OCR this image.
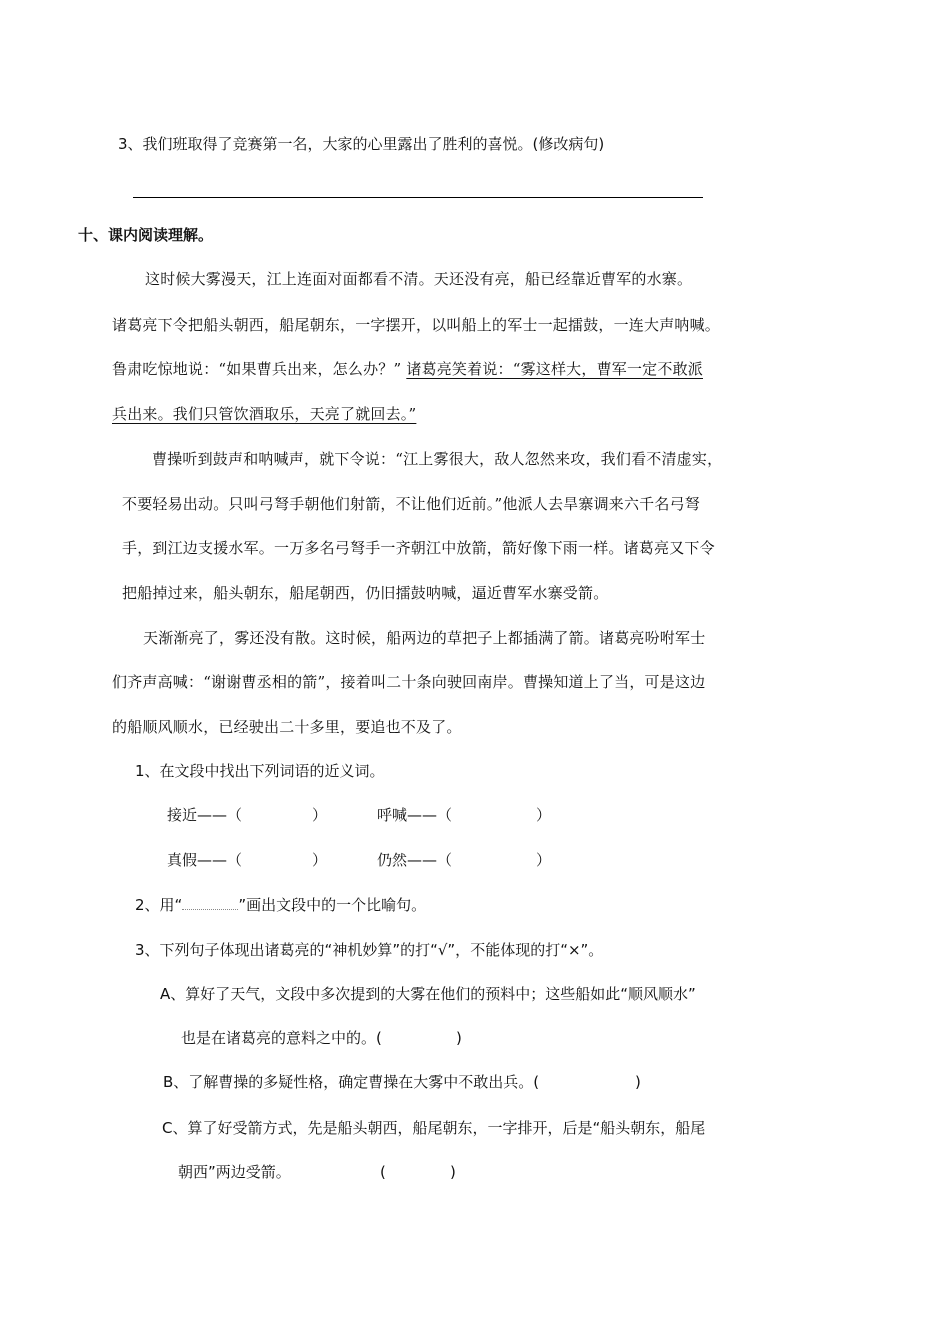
3、我们班取得了竞赛第一名，大家的心里露出了胜利的喜悦。(修改病句)
十、课内阅读理解。
这时候大雾漫天，江上连面对面都看不清。天还没有亮，船已经靠近曹军的水寨。
诸葛亮下令把船头朝西，船尾朝东，一字摆开，以叫船上的军士一起擂鼓，一连大声呐喊。
鲁肃吃惊地说：“如果曹兵出来，怎么办？” 诸葛亮笑着说：“雾这样大，曹军一定不敢派
兵出来。我们只管饮酒取乐，天亮了就回去。”
曹操听到鼓声和呐喊声，就下令说：“江上雾很大，敌人忽然来攻，我们看不清虚实，
不要轻易出动。只叫弓弩手朝他们射箭，不让他们近前。”他派人去旱寨调来六千名弓弩
手，到江边支援水军。一万多名弓弩手一齐朝江中放箭，箭好像下雨一样。诸葛亮又下令
把船掉过来，船头朝东，船尾朝西，仍旧擂鼓呐喊，逼近曹军水寨受箭。
天渐渐亮了，雾还没有散。这时候，船两边的草把子上都插满了箭。诸葛亮吩咐军士
们齐声高喊：“谢谢曹丞相的箭”，接着叫二十条向驶回南岸。曹操知道上了当，可是这边
的船顺风顺水，已经驶出二十多里，要追也不及了。
1、在文段中找出下列词语的近义词。
接近——（	）	呼喊——（	）
真假——（	）	仍然——（	）
2、用“	”画出文段中的一个比喻句。
3、下列句子体现出诸葛亮的“神机妙算”的打“√”，不能体现的打“×”。
A、算好了天气，文段中多次提到的大雾在他们的预料中；这些船如此“顺风顺水”
也是在诸葛亮的意料之中的。(	)
B、了解曹操的多疑性格，确定曹操在大雾中不敢出兵。(	)
C、算了好受箭方式，先是船头朝西，船尾朝东，一字排开，后是“船头朝东，船尾
朝西”两边受箭。	(	)
